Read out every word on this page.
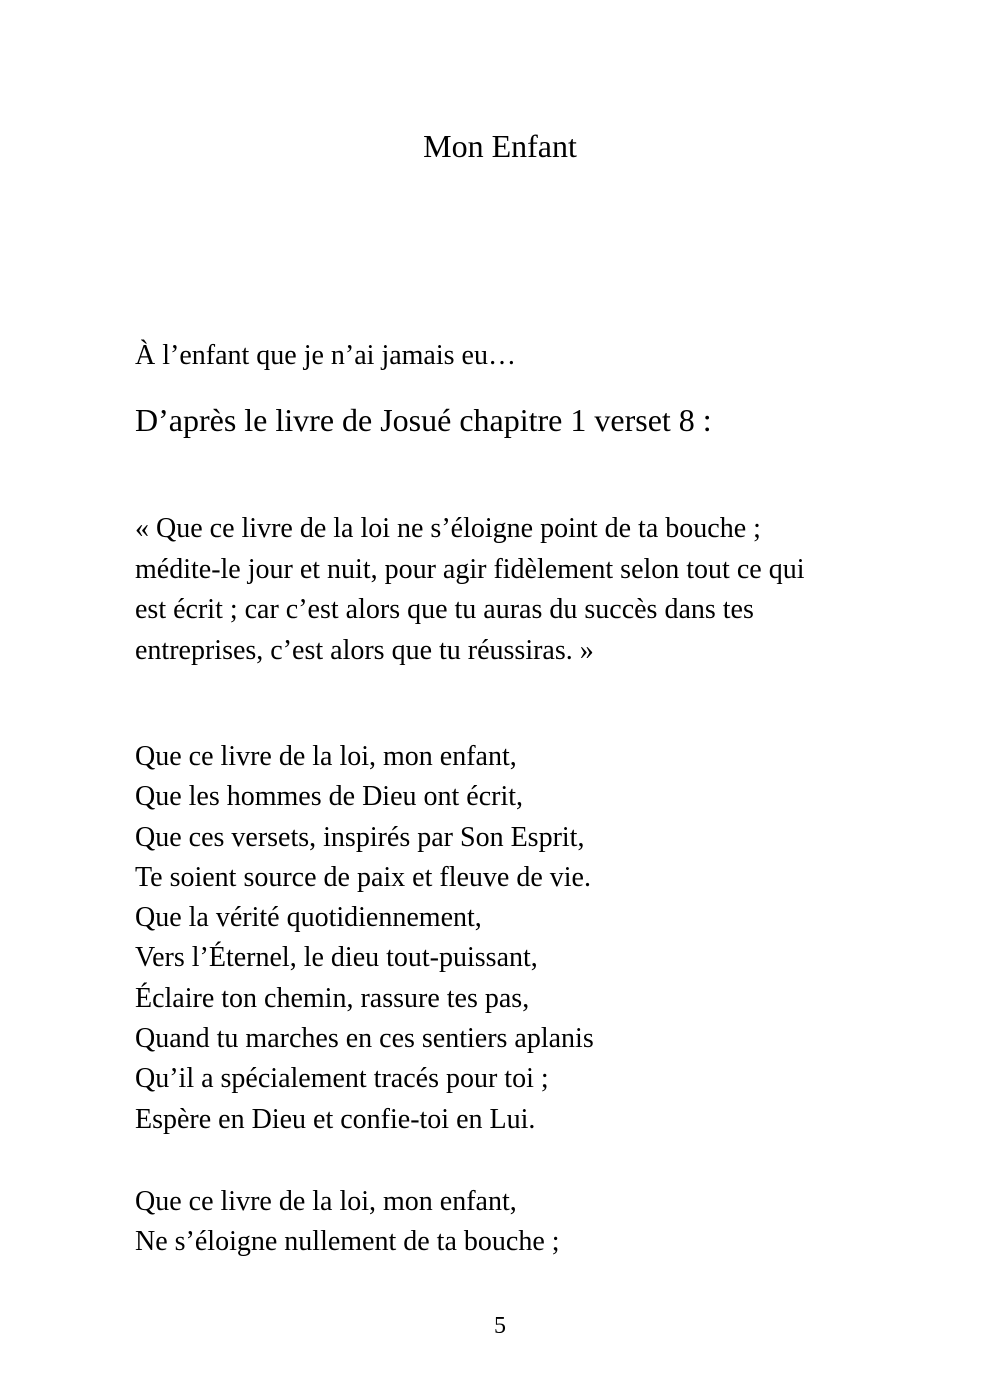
Mon Enfant
À l’enfant que je n’ai jamais eu…
D’après le livre de Josué chapitre 1 verset 8 :
« Que ce livre de la loi ne s’éloigne point de ta bouche ;
médite-le jour et nuit, pour agir fidèlement selon tout ce qui
est écrit ; car c’est alors que tu auras du succès dans tes
entreprises, c’est alors que tu réussiras. »
Que ce livre de la loi, mon enfant,
Que les hommes de Dieu ont écrit,
Que ces versets, inspirés par Son Esprit,
Te soient source de paix et fleuve de vie.
Que la vérité quotidiennement,
Vers l’Éternel, le dieu tout-puissant,
Éclaire ton chemin, rassure tes pas,
Quand tu marches en ces sentiers aplanis
Qu’il a spécialement tracés pour toi ;
Espère en Dieu et confie-toi en Lui.
Que ce livre de la loi, mon enfant,
Ne s’éloigne nullement de ta bouche ;
5
